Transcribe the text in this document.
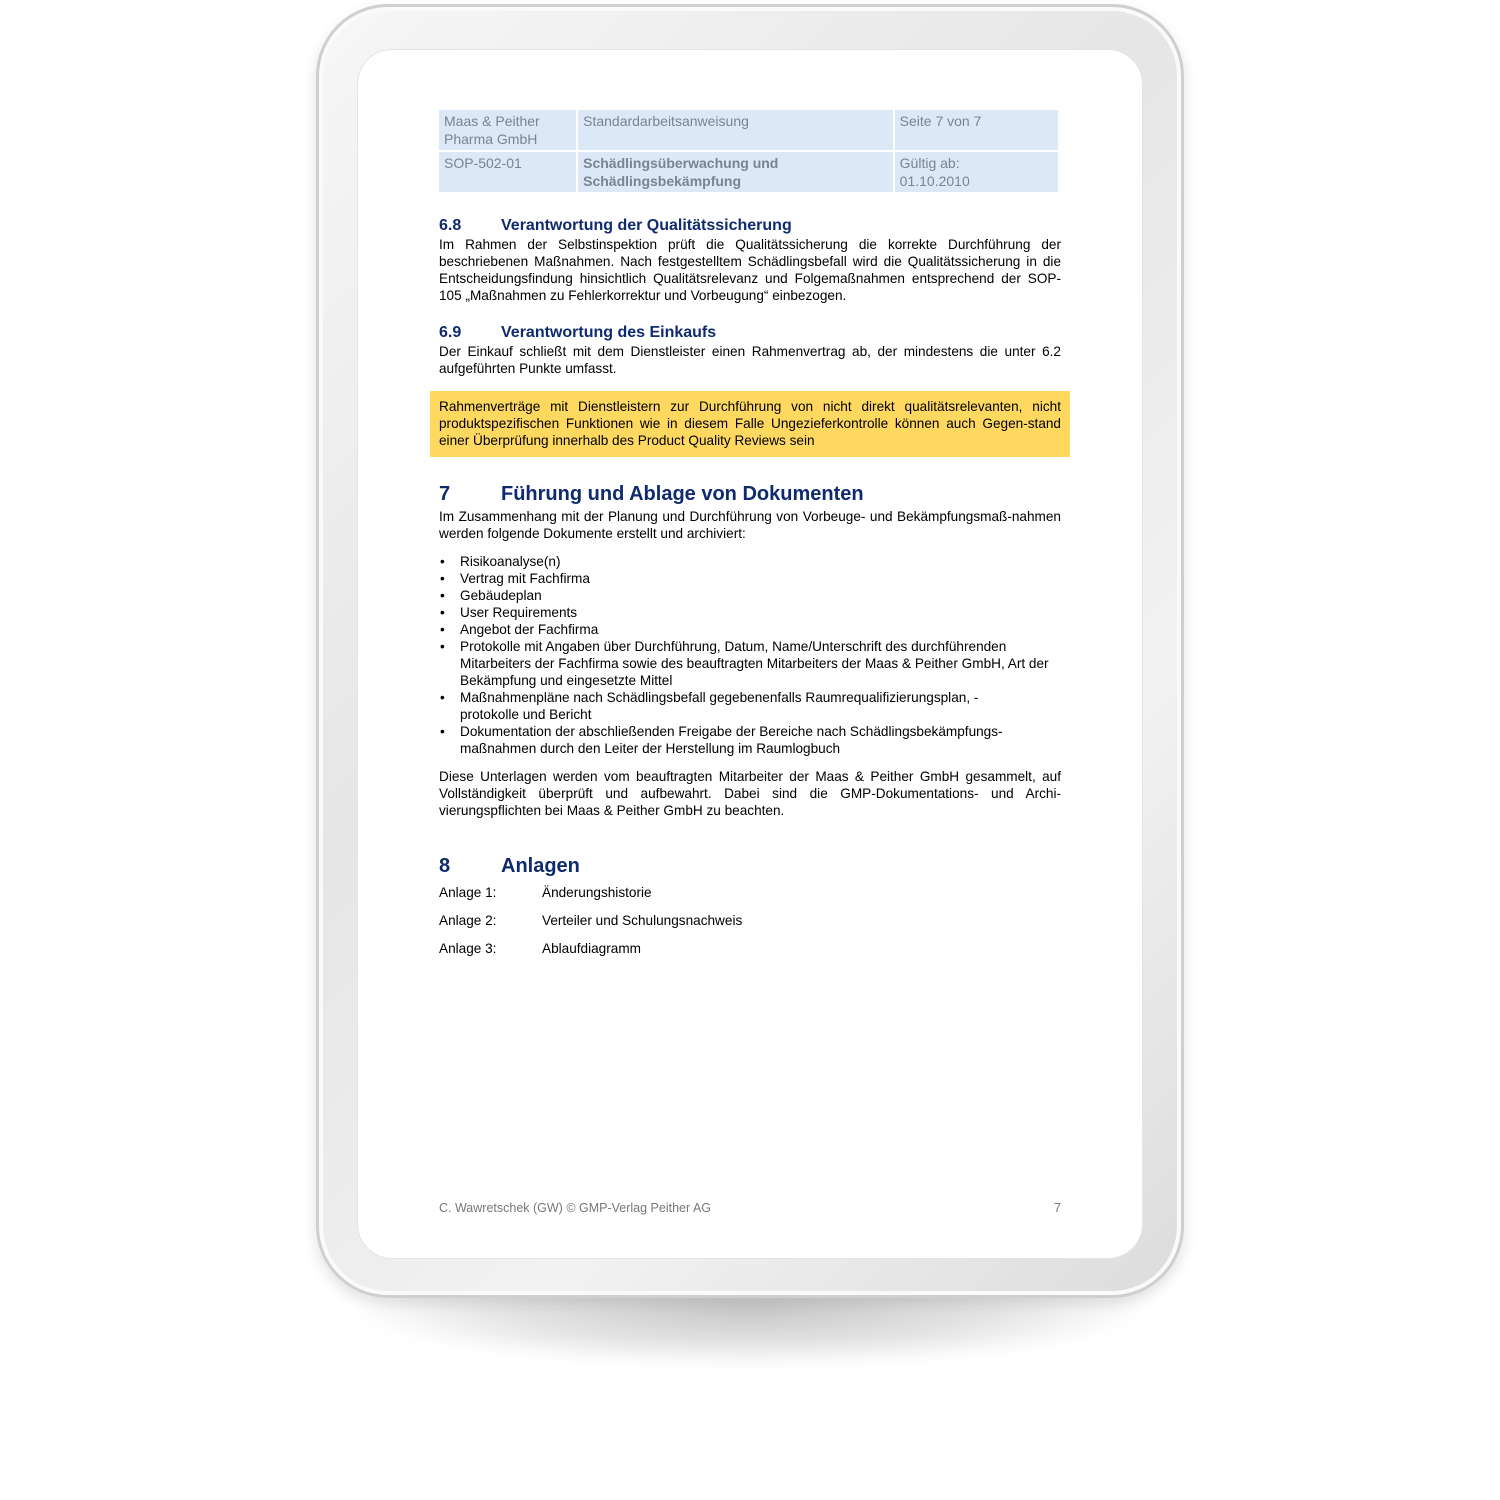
Maas & Peither Pharma GmbH	Standardarbeitsanweisung	Seite 7 von 7
SOP-502-01	Schädlingsüberwachung und Schädlingsbekämpfung	Gültig ab:
01.10.2010
6.8 Verantwortung der Qualitätssicherung

Im Rahmen der Selbstinspektion prüft die Qualitätssicherung die korrekte Durchführung der beschriebenen Maßnahmen. Nach festgestelltem Schädlingsbefall wird die Qualitätssicherung in die Entscheidungsfindung hinsichtlich Qualitätsrelevanz und Folgemaßnahmen entsprechend der SOP-105 „Maßnahmen zu Fehlerkorrektur und Vorbeugung“ einbezogen.

6.9 Verantwortung des Einkaufs

Der Einkauf schließt mit dem Dienstleister einen Rahmenvertrag ab, der mindestens die unter 6.2 aufgeführten Punkte umfasst.

Rahmenverträge mit Dienstleistern zur Durchführung von nicht direkt qualitätsrelevanten, nicht produktspezifischen Funktionen wie in diesem Falle Ungezieferkontrolle können auch Gegen-stand einer Überprüfung innerhalb des Product Quality Reviews sein

7	Führung und Ablage von Dokumenten

Im Zusammenhang mit der Planung und Durchführung von Vorbeuge- und Bekämpfungsmaß-nahmen werden folgende Dokumente erstellt und archiviert:

• Risikoanalyse(n)
• Vertrag mit Fachfirma
• Gebäudeplan
• User Requirements
• Angebot der Fachfirma
• Protokolle mit Angaben über Durchführung, Datum, Name/Unterschrift des durchführenden Mitarbeiters der Fachfirma sowie des beauftragten Mitarbeiters der Maas & Peither GmbH, Art der Bekämpfung und eingesetzte Mittel
• Maßnahmenpläne nach Schädlingsbefall gegebenenfalls Raumrequalifizierungsplan, -protokolle und Bericht
• Dokumentation der abschließenden Freigabe der Bereiche nach Schädlingsbekämpfungs-maßnahmen durch den Leiter der Herstellung im Raumlogbuch

Diese Unterlagen werden vom beauftragten Mitarbeiter der Maas & Peither GmbH gesammelt, auf Vollständigkeit überprüft und aufbewahrt. Dabei sind die GMP-Dokumentations- und Archi-vierungspflichten bei Maas & Peither GmbH zu beachten.

8	Anlagen
Anlage 1:	Änderungshistorie
Anlage 2:	Verteiler und Schulungsnachweis
Anlage 3:	Ablaufdiagramm
C. Wawretschek (GW) © GMP-Verlag Peither AG	7
